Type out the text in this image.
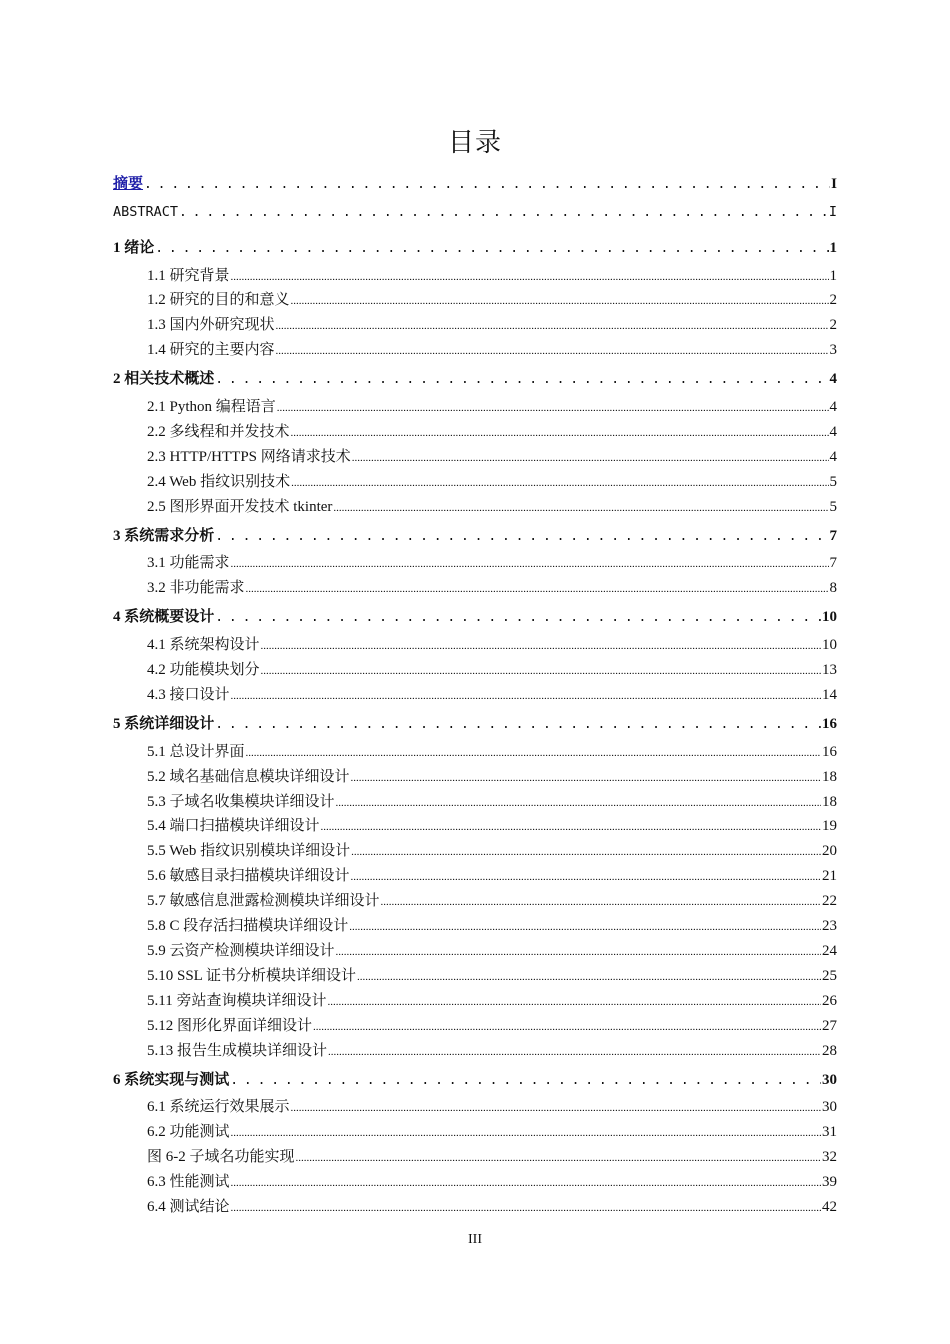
目录
摘要 . . .	I
ABSTRACT . . .	I
1 绪论 . . .	1
1.1 研究背景 .....	1
1.2 研究的目的和意义 .....	2
1.3 国内外研究现状 .....	2
1.4 研究的主要内容 .....	3
2 相关技术概述 . . .	4
2.1 Python 编程语言 .....	4
2.2 多线程和并发技术 .....	4
2.3 HTTP/HTTPS 网络请求技术 .....	4
2.4 Web 指纹识别技术 .....	5
2.5 图形界面开发技术 tkinter .....	5
3 系统需求分析 . . .	7
3.1 功能需求 .....	7
3.2 非功能需求 .....	8
4 系统概要设计 . . .	10
4.1 系统架构设计 .....	10
4.2 功能模块划分 .....	13
4.3 接口设计 .....	14
5 系统详细设计 . . .	16
5.1 总设计界面 .....	16
5.2 域名基础信息模块详细设计 .....	18
5.3 子域名收集模块详细设计 .....	18
5.4 端口扫描模块详细设计 .....	19
5.5 Web 指纹识别模块详细设计 .....	20
5.6 敏感目录扫描模块详细设计 .....	21
5.7 敏感信息泄露检测模块详细设计 .....	22
5.8 C 段存活扫描模块详细设计 .....	23
5.9 云资产检测模块详细设计 .....	24
5.10 SSL 证书分析模块详细设计 .....	25
5.11 旁站查询模块详细设计 .....	26
5.12 图形化界面详细设计 .....	27
5.13 报告生成模块详细设计 .....	28
6 系统实现与测试 . . .	30
6.1 系统运行效果展示 .....	30
6.2 功能测试 .....	31
图 6-2 子域名功能实现 .....	32
6.3 性能测试 .....	39
6.4 测试结论 .....	42
III
